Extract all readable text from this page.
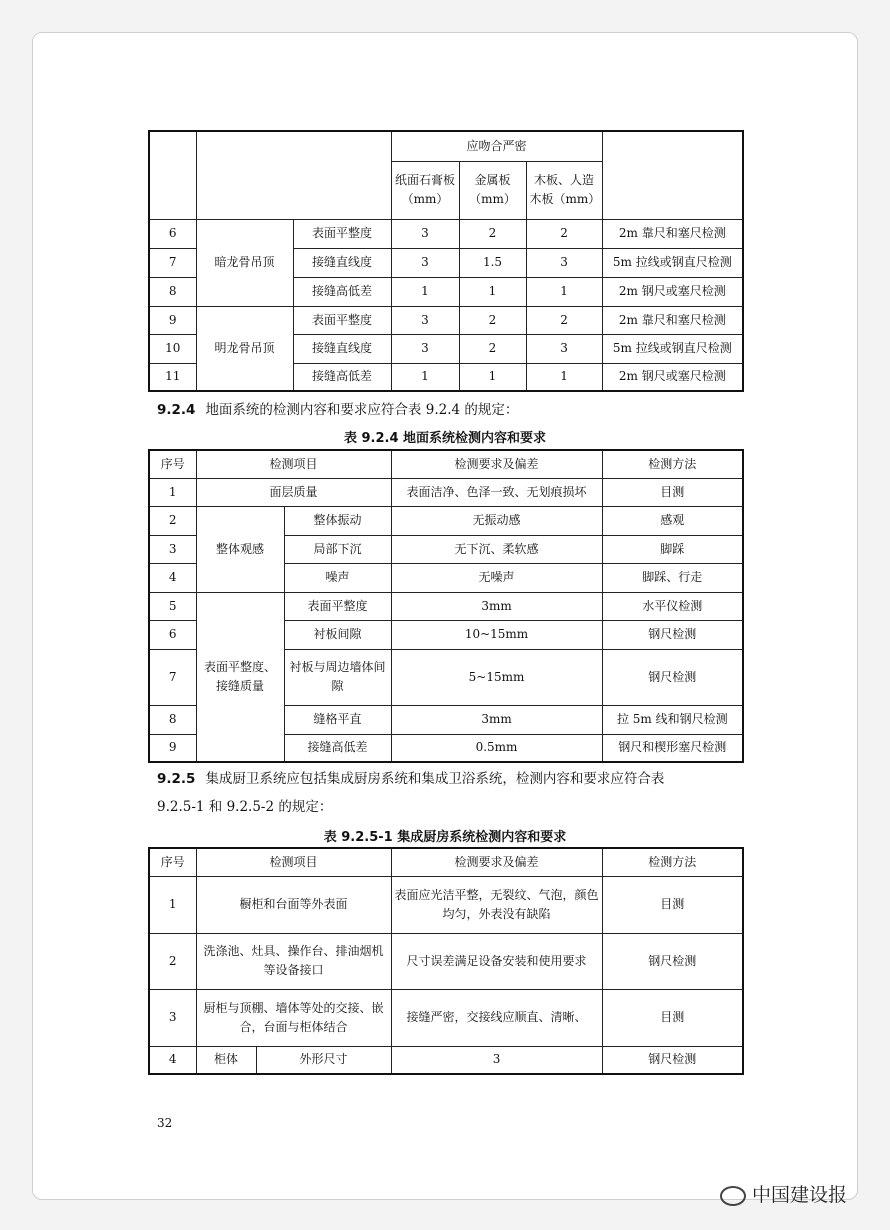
			应吻合严密			
			纸面石膏板（mm）	金属板（mm）	木板、人造木板（mm）	
6	暗龙骨吊顶	表面平整度	3	2	2	2m 靠尺和塞尺检测
7		接缝直线度	3	1.5	3	5m 拉线或钢直尺检测
8		接缝高低差	1	1	1	2m 钢尺或塞尺检测
9	明龙骨吊顶	表面平整度	3	2	2	2m 靠尺和塞尺检测
10		接缝直线度	3	2	3	5m 拉线或钢直尺检测
11		接缝高低差	1	1	1	2m 钢尺或塞尺检测
9.2.4 地面系统的检测内容和要求应符合表 9.2.4 的规定：
表 9.2.4 地面系统检测内容和要求
序号	检测项目		检测要求及偏差	检测方法
1	面层质量		表面洁净、色泽一致、无划痕损坏	目测
2	整体观感	整体振动	无振动感	感观
3		局部下沉	无下沉、柔软感	脚踩
4		噪声	无噪声	脚踩、行走
5	表面平整度、接缝质量	表面平整度	3mm	水平仪检测
6		衬板间隙	10~15mm	钢尺检测
7		衬板与周边墙体间隙	5~15mm	钢尺检测
8		缝格平直	3mm	拉 5m 线和钢尺检测
9		接缝高低差	0.5mm	钢尺和楔形塞尺检测
9.2.5 集成厨卫系统应包括集成厨房系统和集成卫浴系统，检测内容和要求应符合表
9.2.5-1 和 9.2.5-2 的规定：
表 9.2.5-1 集成厨房系统检测内容和要求
序号	检测项目		检测要求及偏差	检测方法
1	橱柜和台面等外表面		表面应光洁平整，无裂纹、气泡，颜色均匀，外表没有缺陷	目测
2	洗涤池、灶具、操作台、排油烟机等设备接口		尺寸误差满足设备安装和使用要求	钢尺检测
3	厨柜与顶棚、墙体等处的交接、嵌合，台面与柜体结合		接缝严密，交接线应顺直、清晰、	目测
4	柜体	外形尺寸	3	钢尺检测
32
中国建设报
